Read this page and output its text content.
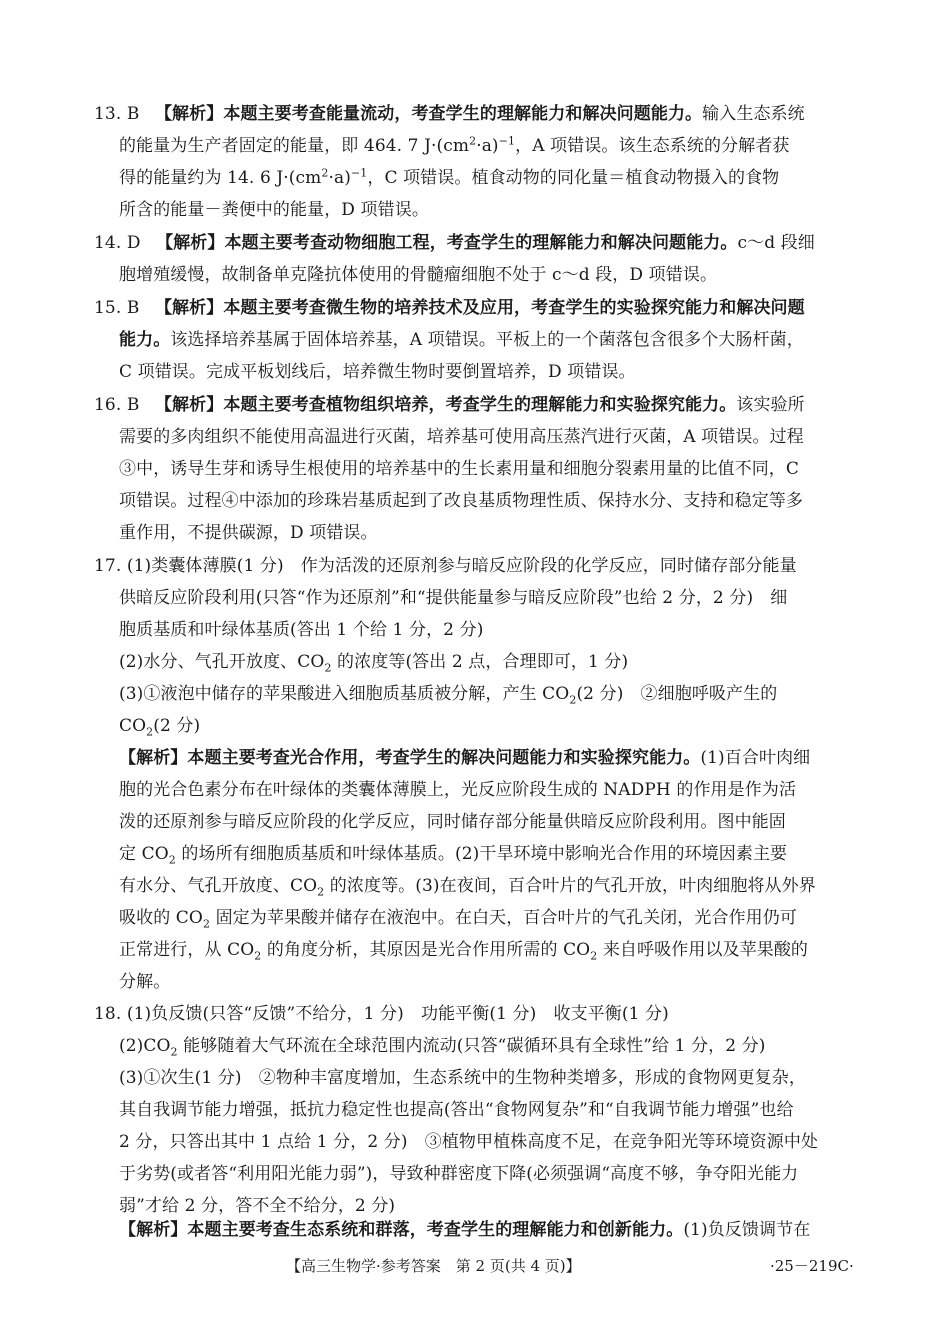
13. B 【解析】本题主要考查能量流动，考查学生的理解能力和解决问题能力。输入生态系统
的能量为生产者固定的能量，即 464. 7 $J\cdot(cm^2\cdot a)^{-1}$，A 项错误。该生态系统的分解者获
得的能量约为 14. 6 $J\cdot(cm^2\cdot a)^{-1}$，C 项错误。植食动物的同化量＝植食动物摄入的食物
所含的能量－粪便中的能量，D 项错误。
14. D 【解析】本题主要考查动物细胞工程，考查学生的理解能力和解决问题能力。c～d 段细
胞增殖缓慢，故制备单克隆抗体使用的骨髓瘤细胞不处于 c～d 段，D 项错误。
15. B 【解析】本题主要考查微生物的培养技术及应用，考查学生的实验探究能力和解决问题
能力。该选择培养基属于固体培养基，A 项错误。平板上的一个菌落包含很多个大肠杆菌，
C 项错误。完成平板划线后，培养微生物时要倒置培养，D 项错误。
16. B 【解析】本题主要考查植物组织培养，考查学生的理解能力和实验探究能力。该实验所
需要的多肉组织不能使用高温进行灭菌，培养基可使用高压蒸汽进行灭菌，A 项错误。过程
③中，诱导生芽和诱导生根使用的培养基中的生长素用量和细胞分裂素用量的比值不同，C
项错误。过程④中添加的珍珠岩基质起到了改良基质物理性质、保持水分、支持和稳定等多
重作用，不提供碳源，D 项错误。
17. (1)类囊体薄膜(1 分)　作为活泼的还原剂参与暗反应阶段的化学反应，同时储存部分能量
供暗反应阶段利用(只答“作为还原剂”和“提供能量参与暗反应阶段”也给 2 分，2 分)　细
胞质基质和叶绿体基质(答出 1 个给 1 分，2 分)
(2)水分、气孔开放度、$CO_2$ 的浓度等(答出 2 点，合理即可，1 分)
(3)①液泡中储存的苹果酸进入细胞质基质被分解，产生 $CO_2(2$ 分)　②细胞呼吸产生的
$CO_2(2$ 分)
【解析】本题主要考查光合作用，考查学生的解决问题能力和实验探究能力。(1)百合叶肉细
胞的光合色素分布在叶绿体的类囊体薄膜上，光反应阶段生成的 NADPH 的作用是作为活
泼的还原剂参与暗反应阶段的化学反应，同时储存部分能量供暗反应阶段利用。图中能固
定 $CO_2$ 的场所有细胞质基质和叶绿体基质。(2)干旱环境中影响光合作用的环境因素主要
有水分、气孔开放度、$CO_2$ 的浓度等。(3)在夜间，百合叶片的气孔开放，叶肉细胞将从外界
吸收的 $CO_2$ 固定为苹果酸并储存在液泡中。在白天，百合叶片的气孔关闭，光合作用仍可
正常进行，从 $CO_2$ 的角度分析，其原因是光合作用所需的 $CO_2$ 来自呼吸作用以及苹果酸的
分解。
18. (1)负反馈(只答“反馈”不给分，1 分)　功能平衡(1 分)　收支平衡(1 分)
$(2)CO_2$ 能够随着大气环流在全球范围内流动(只答“碳循环具有全球性”给 1 分，2 分)
(3)①次生(1 分)　②物种丰富度增加，生态系统中的生物种类增多，形成的食物网更复杂，
其自我调节能力增强，抵抗力稳定性也提高(答出“食物网复杂”和“自我调节能力增强”也给
2 分，只答出其中 1 点给 1 分，2 分)　③植物甲植株高度不足，在竞争阳光等环境资源中处
于劣势(或者答“利用阳光能力弱”)，导致种群密度下降(必须强调“高度不够，争夺阳光能力
弱”才给 2 分，答不全不给分，2 分)
【解析】本题主要考查生态系统和群落，考查学生的理解能力和创新能力。(1)负反馈调节在
【高三生物学·参考答案　第 2 页(共 4 页)】	·25－219C·
